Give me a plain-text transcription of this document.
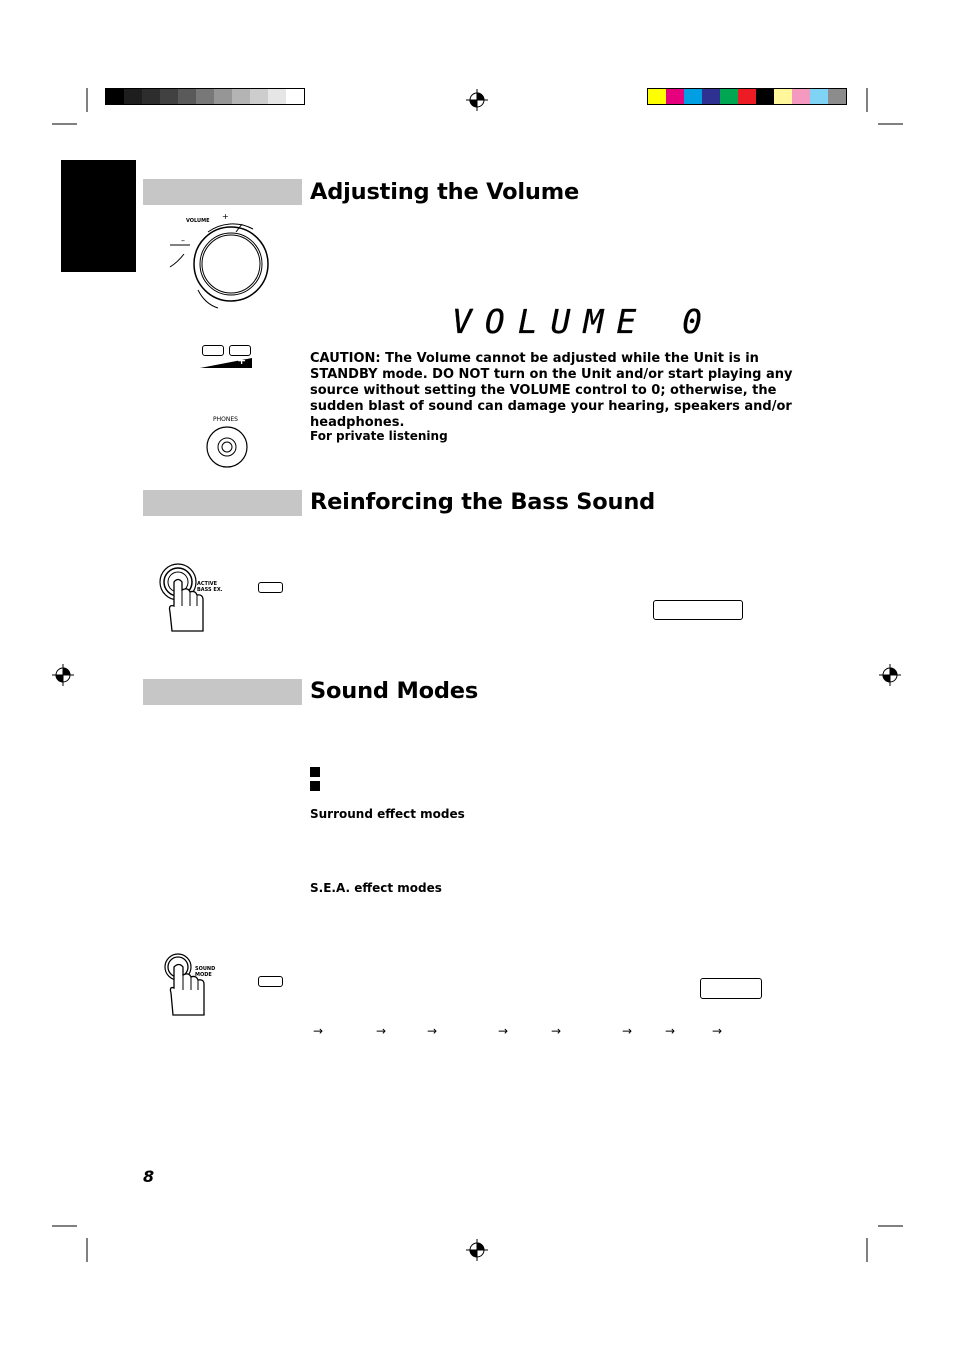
Adjusting the Volume
VOLUME +
–
– +
VOLUME 0
CAUTION: The Volume cannot be adjusted while the Unit is in STANDBY mode. DO NOT turn on the Unit and/or start playing any source without setting the VOLUME control to 0; otherwise, the sudden blast of sound can damage your hearing, speakers and/or headphones.
For private listening
PHONES
Reinforcing the Bass Sound
ACTIVE
BASS EX.
Sound Modes
Surround effect modes
S.E.A. effect modes
SOUND
MODE
→	→	→	→	→	→	→	→
8
